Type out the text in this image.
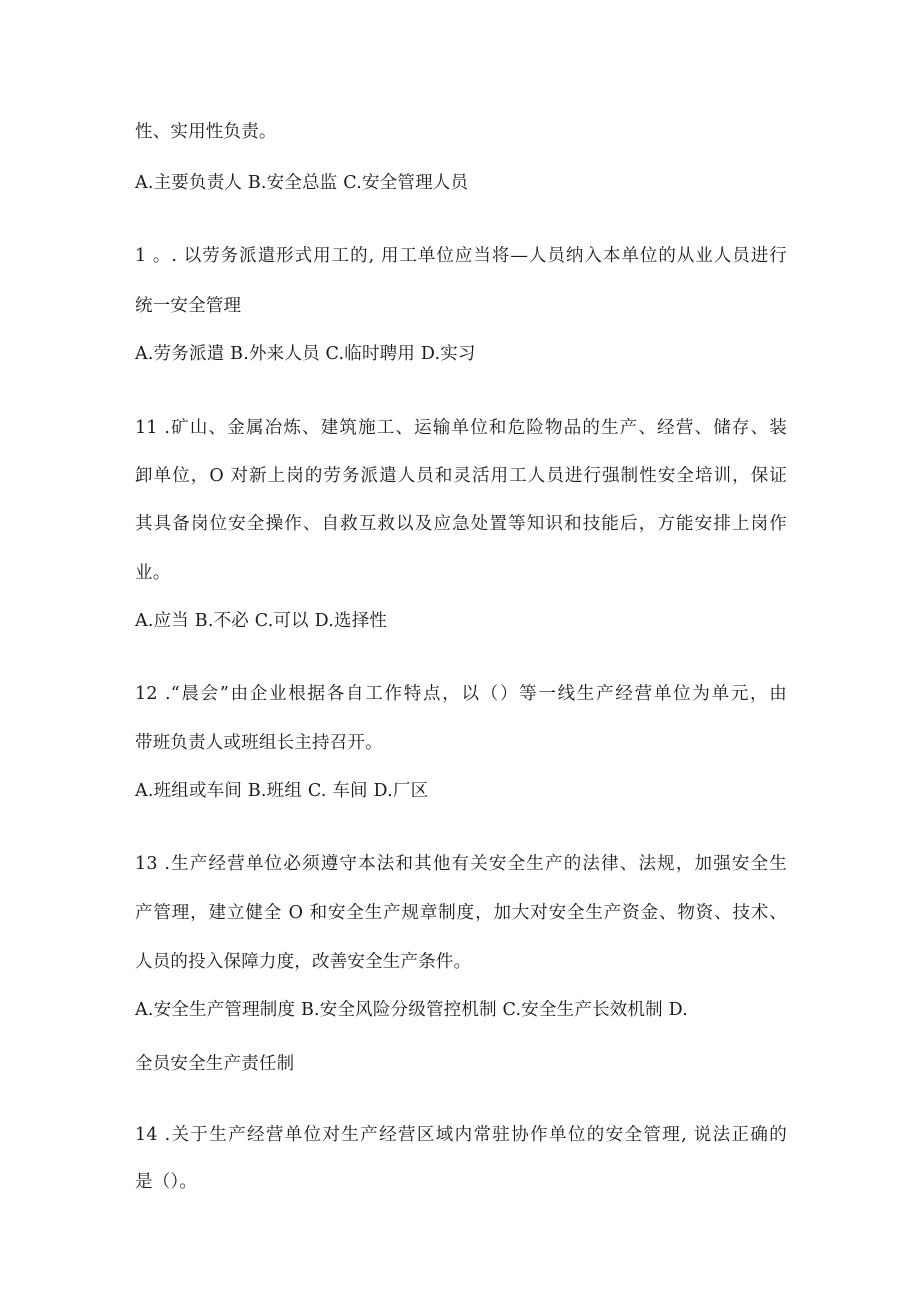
性、实用性负责。
A.主要负责人 B.安全总监 C.安全管理人员
1 。. 以劳务派遣形式用工的, 用工单位应当将—人员纳入本单位的从业人员进行
统一安全管理
A.劳务派遣 B.外来人员 C.临时聘用 D.实习
11 .矿山、金属冶炼、建筑施工、运输单位和危险物品的生产、经营、储存、装
卸单位，O 对新上岗的劳务派遣人员和灵活用工人员进行强制性安全培训，保证
其具备岗位安全操作、自救互救以及应急处置等知识和技能后，方能安排上岗作
业。
A.应当 B.不必 C.可以 D.选择性
12 .“晨会”由企业根据各自工作特点，以（）等一线生产经营单位为单元，由
带班负责人或班组长主持召开。
A.班组或车间 B.班组 C. 车间 D.厂区
13 .生产经营单位必须遵守本法和其他有关安全生产的法律、法规，加强安全生
产管理，建立健全 O 和安全生产规章制度，加大对安全生产资金、物资、技术、
人员的投入保障力度，改善安全生产条件。
A.安全生产管理制度 B.安全风险分级管控机制 C.安全生产长效机制 D.
全员安全生产责任制
14 .关于生产经营单位对生产经营区域内常驻协作单位的安全管理, 说法正确的
是（）。
